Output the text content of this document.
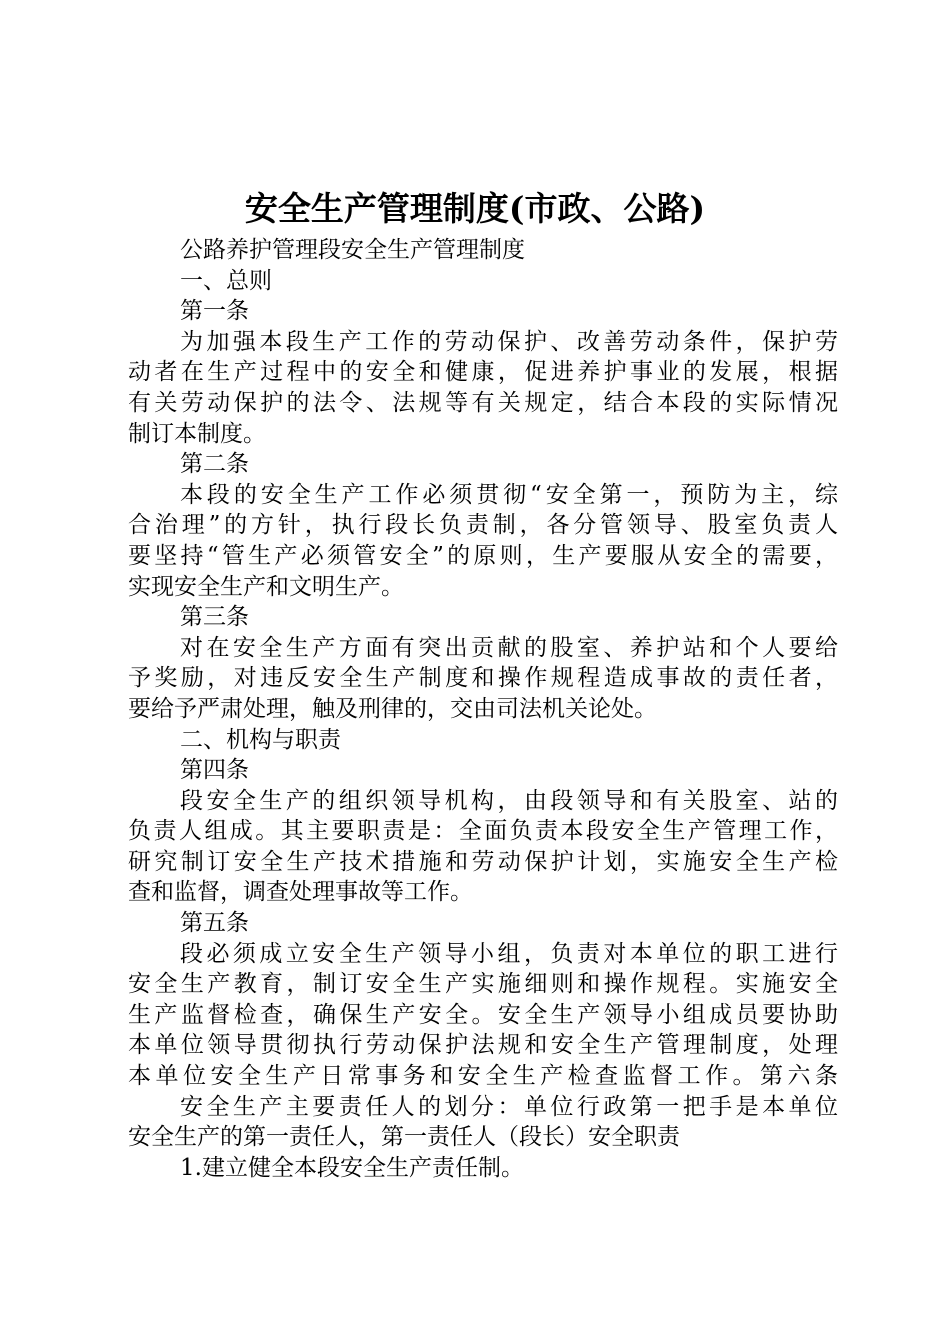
安全生产管理制度(市政、公路)
公路养护管理段安全生产管理制度
一、总则
第一条
为加强本段生产工作的劳动保护、改善劳动条件，保护劳
动者在生产过程中的安全和健康，促进养护事业的发展，根据
有关劳动保护的法令、法规等有关规定，结合本段的实际情况
制订本制度。
第二条
本段的安全生产工作必须贯彻“安全第一，预防为主，综
合治理”的方针，执行段长负责制，各分管领导、股室负责人
要坚持“管生产必须管安全”的原则，生产要服从安全的需要，
实现安全生产和文明生产。
第三条
对在安全生产方面有突出贡献的股室、养护站和个人要给
予奖励，对违反安全生产制度和操作规程造成事故的责任者，
要给予严肃处理，触及刑律的，交由司法机关论处。
二、机构与职责
第四条
段安全生产的组织领导机构，由段领导和有关股室、站的
负责人组成。其主要职责是：全面负责本段安全生产管理工作，
研究制订安全生产技术措施和劳动保护计划，实施安全生产检
查和监督，调查处理事故等工作。
第五条
段必须成立安全生产领导小组，负责对本单位的职工进行
安全生产教育，制订安全生产实施细则和操作规程。实施安全
生产监督检查，确保生产安全。安全生产领导小组成员要协助
本单位领导贯彻执行劳动保护法规和安全生产管理制度，处理
本单位安全生产日常事务和安全生产检查监督工作。第六条
安全生产主要责任人的划分：单位行政第一把手是本单位
安全生产的第一责任人，第一责任人（段长）安全职责
1.建立健全本段安全生产责任制。
